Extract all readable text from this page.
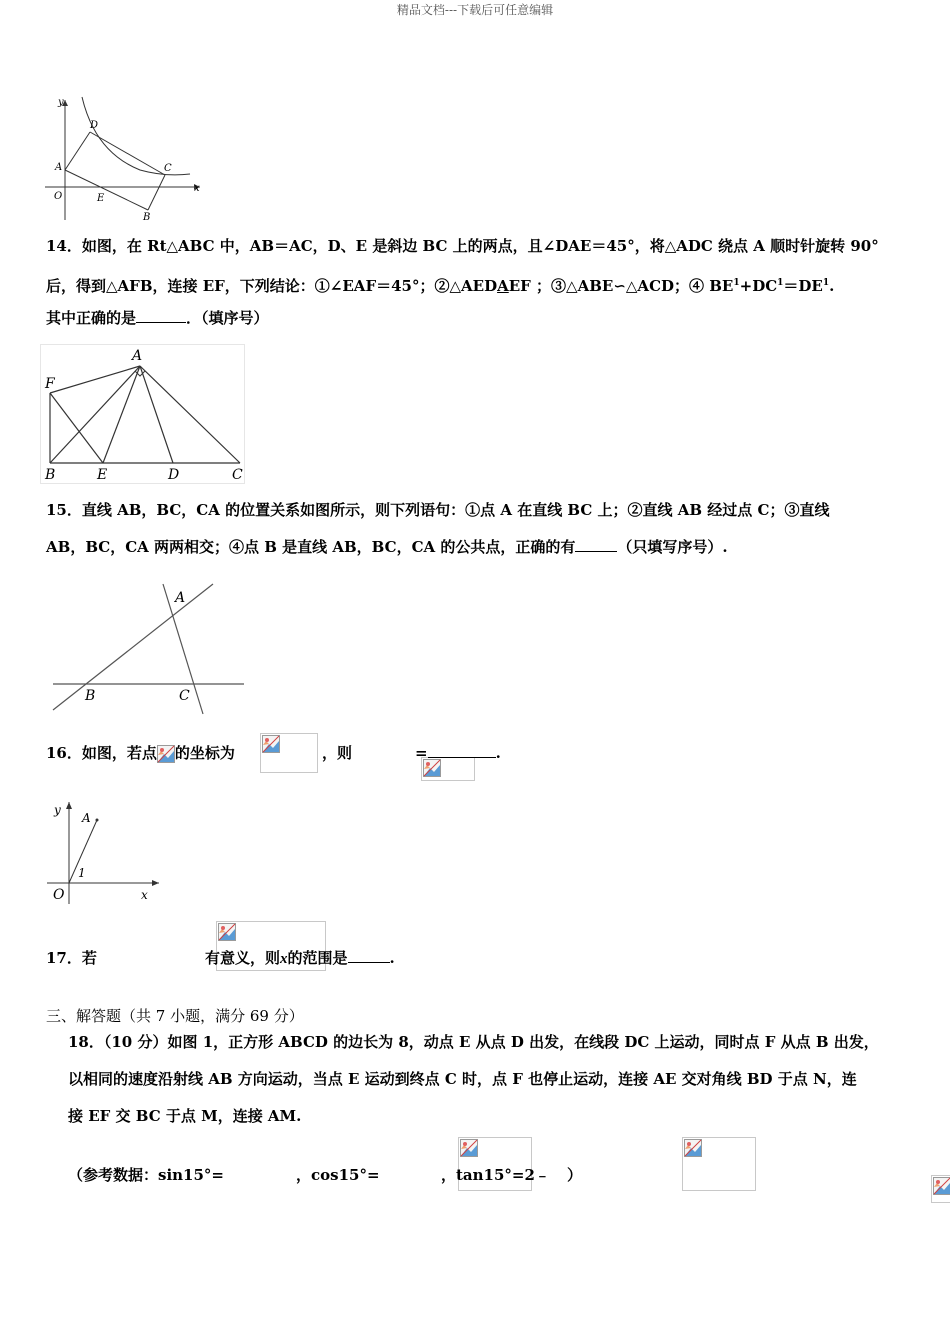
精品文档---下载后可任意编辑
y
x
O
A
D
C
E
B
14．如图，在 Rt△ABC 中，AB＝AC，D、E 是斜边 BC 上的两点，且∠DAE＝45°，将△ADC 绕点 A 顺时针旋转 90°
后，得到△AFB，连接 EF，下列结论：①∠EAF＝45°；②△AEDAEF ；③△ABE∽△ACD；④ $BE^1+DC^1=DE^1$.
其中正确的是	．（填序号）
A
F
B	E	D	C
15．直线 AB，BC，CA 的位置关系如图所示，则下列语句：①点 A 在直线 BC 上；②直线 AB 经过点 C；③直线
AB，BC，CA 两两相交；④点 B 是直线 AB，BC，CA 的公共点，正确的有	（只填写序号）.
A
B	C
16．如图，若点 的坐标为
	，则
	=	.
y
x
O
A
1
17．若
	有意义，则x的范围是	.
三、解答题（共 7 小题，满分 69 分）
18．（10 分）如图 1，正方形 ABCD 的边长为 8，动点 E 从点 D 出发，在线段 DC 上运动，同时点 F 从点 B 出发，
以相同的速度沿射线 AB 方向运动，当点 E 运动到终点 C 时，点 F 也停止运动，连接 AE 交对角线 BD 于点 N，连
接 EF 交 BC 于点 M，连接 AM.
（参考数据：sin15°=
	，cos15°=
	，tan15°=2﹣ ）
